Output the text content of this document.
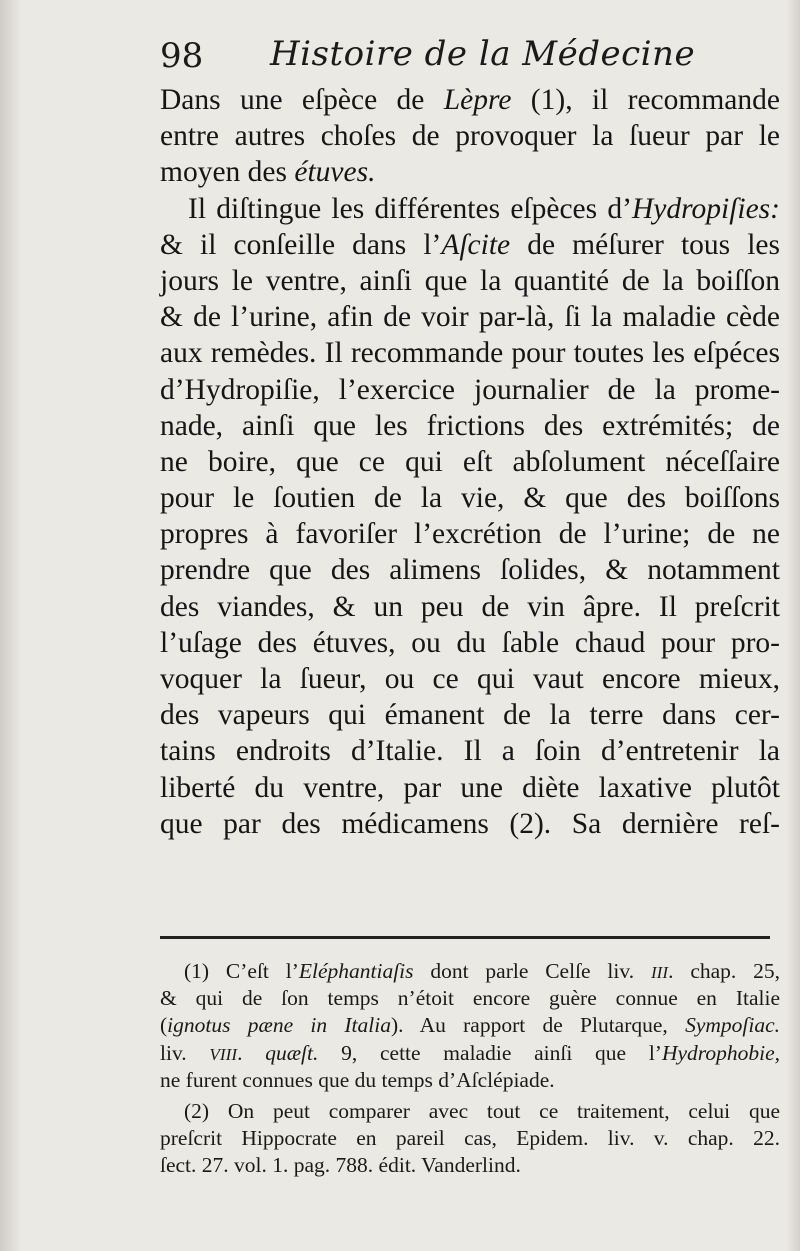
98 Histoire de la Médecine
Dans une eſpèce de Lèpre (1), il recommande
entre autres choſes de provoquer la ſueur par le
moyen des étuves.
Il diſtingue les différentes eſpèces d’Hydropiſies:
& il conſeille dans l’Aſcite de méſurer tous les
jours le ventre, ainſi que la quantité de la boiſſon
& de l’urine, afin de voir par-là, ſi la maladie cède
aux remèdes. Il recommande pour toutes les eſpéces
d’Hydropiſie, l’exercice journalier de la prome-
nade, ainſi que les frictions des extrémités; de
ne boire, que ce qui eſt abſolument néceſſaire
pour le ſoutien de la vie, & que des boiſſons
propres à favoriſer l’excrétion de l’urine; de ne
prendre que des alimens ſolides, & notamment
des viandes, & un peu de vin âpre. Il preſcrit
l’uſage des étuves, ou du ſable chaud pour pro-
voquer la ſueur, ou ce qui vaut encore mieux,
des vapeurs qui émanent de la terre dans cer-
tains endroits d’Italie. Il a ſoin d’entretenir la
liberté du ventre, par une diète laxative plutôt
que par des médicamens (2). Sa dernière reſ-
(1) C’eſt l’Eléphantiaſis dont parle Celſe liv. III. chap. 25,
& qui de ſon temps n’étoit encore guère connue en Italie
(ignotus pæne in Italia). Au rapport de Plutarque, Sympoſiac.
liv. VIII. quæſt. 9, cette maladie ainſi que l’Hydrophobie,
ne furent connues que du temps d’Aſclépiade.
(2) On peut comparer avec tout ce traitement, celui que
preſcrit Hippocrate en pareil cas, Epidem. liv. v. chap. 22.
ſect. 27. vol. 1. pag. 788. édit. Vanderlind.
